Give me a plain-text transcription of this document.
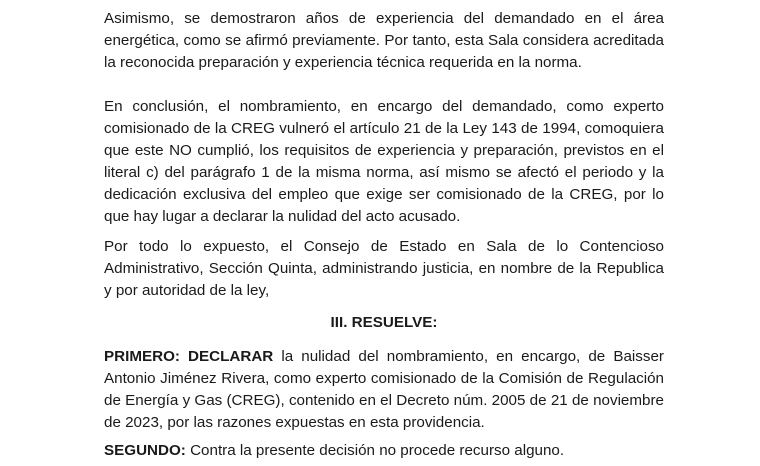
Asimismo, se demostraron años de experiencia del demandado en el área energética, como se afirmó previamente. Por tanto, esta Sala considera acreditada la reconocida preparación y experiencia técnica requerida en la norma.

En conclusión, el nombramiento, en encargo del demandado, como experto comisionado de la CREG vulneró el artículo 21 de la Ley 143 de 1994, comoquiera que este NO cumplió, los requisitos de experiencia y preparación, previstos en el literal c) del parágrafo 1 de la misma norma, así mismo se afectó el periodo y la dedicación exclusiva del empleo que exige ser comisionado de la CREG, por lo que hay lugar a declarar la nulidad del acto acusado.

Por todo lo expuesto, el Consejo de Estado en Sala de lo Contencioso Administrativo, Sección Quinta, administrando justicia, en nombre de la Republica y por autoridad de la ley,

III. RESUELVE:

PRIMERO: DECLARAR la nulidad del nombramiento, en encargo, de Baisser Antonio Jiménez Rivera, como experto comisionado de la Comisión de Regulación de Energía y Gas (CREG), contenido en el Decreto núm. 2005 de 21 de noviembre de 2023, por las razones expuestas en esta providencia.

SEGUNDO: Contra la presente decisión no procede recurso alguno.
